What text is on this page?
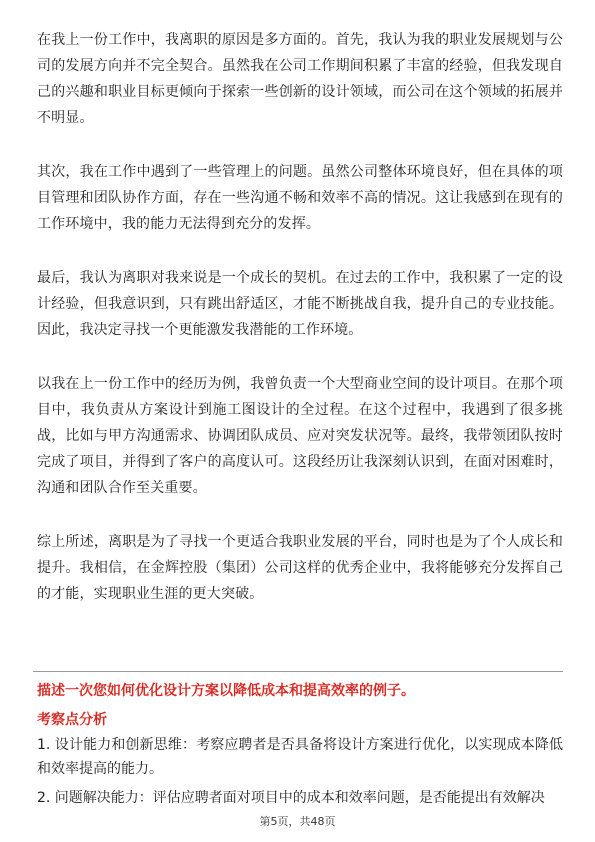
在我上一份工作中，我离职的原因是多方面的。首先，我认为我的职业发展规划与公司的发展方向并不完全契合。虽然我在公司工作期间积累了丰富的经验，但我发现自己的兴趣和职业目标更倾向于探索一些创新的设计领域，而公司在这个领域的拓展并不明显。

其次，我在工作中遇到了一些管理上的问题。虽然公司整体环境良好，但在具体的项目管理和团队协作方面，存在一些沟通不畅和效率不高的情况。这让我感到在现有的工作环境中，我的能力无法得到充分的发挥。

最后，我认为离职对我来说是一个成长的契机。在过去的工作中，我积累了一定的设计经验，但我意识到，只有跳出舒适区，才能不断挑战自我，提升自己的专业技能。因此，我决定寻找一个更能激发我潜能的工作环境。

以我在上一份工作中的经历为例，我曾负责一个大型商业空间的设计项目。在那个项目中，我负责从方案设计到施工图设计的全过程。在这个过程中，我遇到了很多挑战，比如与甲方沟通需求、协调团队成员、应对突发状况等。最终，我带领团队按时完成了项目，并得到了客户的高度认可。这段经历让我深刻认识到，在面对困难时，沟通和团队合作至关重要。

综上所述，离职是为了寻找一个更适合我职业发展的平台，同时也是为了个人成长和提升。我相信，在金辉控股（集团）公司这样的优秀企业中，我将能够充分发挥自己的才能，实现职业生涯的更大突破。

描述一次您如何优化设计方案以降低成本和提高效率的例子。
考察点分析

1. 设计能力和创新思维：考察应聘者是否具备将设计方案进行优化，以实现成本降低和效率提高的能力。

2. 问题解决能力：评估应聘者面对项目中的成本和效率问题，是否能提出有效解决

第5页，共48页
